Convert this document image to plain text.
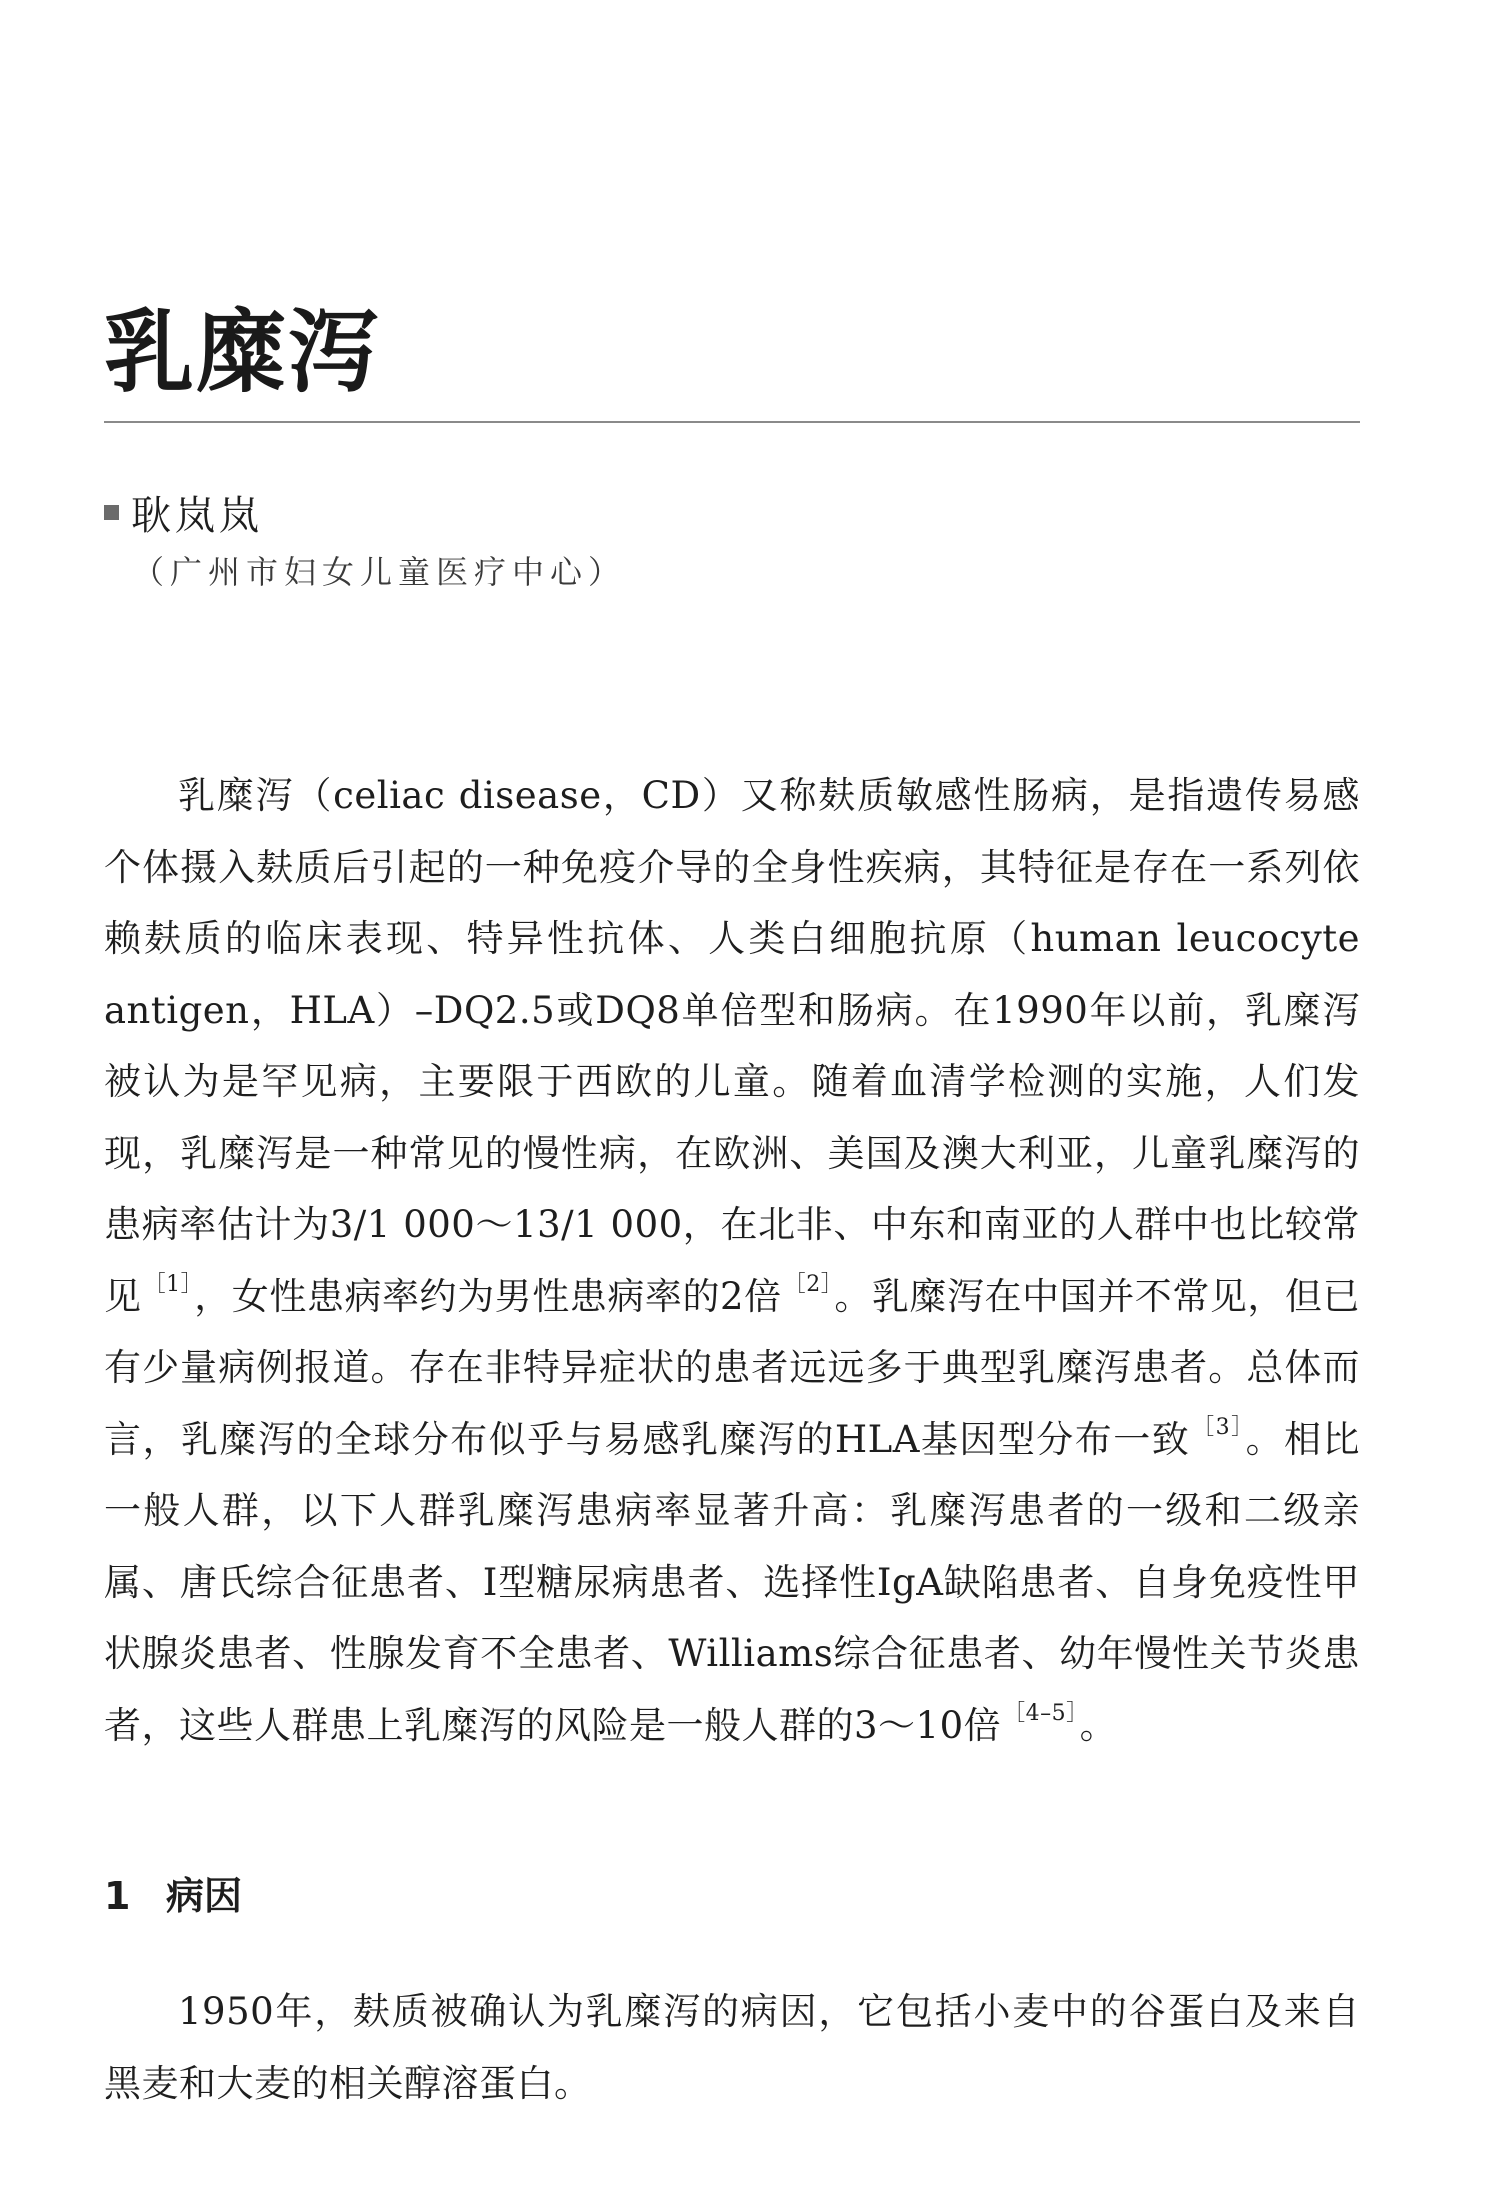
乳糜泻
耿岚岚
（广州市妇女儿童医疗中心）

乳糜泻（celiac disease，CD）又称麸质敏感性肠病，是指遗传易感个体摄入麸质后引起的一种免疫介导的全身性疾病，其特征是存在一系列依赖麸质的临床表现、特异性抗体、人类白细胞抗原（human leucocyte antigen，HLA）–DQ2.5或DQ8单倍型和肠病。在1990年以前，乳糜泻被认为是罕见病，主要限于西欧的儿童。随着血清学检测的实施，人们发现，乳糜泻是一种常见的慢性病，在欧洲、美国及澳大利亚，儿童乳糜泻的患病率估计为3/1 000～13/1 000，在北非、中东和南亚的人群中也比较常见$^{[1]}$，女性患病率约为男性患病率的2倍$^{[2]}$。乳糜泻在中国并不常见，但已有少量病例报道。存在非特异症状的患者远远多于典型乳糜泻患者。总体而言，乳糜泻的全球分布似乎与易感乳糜泻的HLA基因型分布一致$^{[3]}$。相比一般人群，以下人群乳糜泻患病率显著升高：乳糜泻患者的一级和二级亲属、唐氏综合征患者、Ⅰ型糖尿病患者、选择性IgA缺陷患者、自身免疫性甲状腺炎患者、性腺发育不全患者、Williams综合征患者、幼年慢性关节炎患者，这些人群患上乳糜泻的风险是一般人群的3～10倍$^{[4-5]}$。

1 病因

1950年，麸质被确认为乳糜泻的病因，它包括小麦中的谷蛋白及来自黑麦和大麦的相关醇溶蛋白。
